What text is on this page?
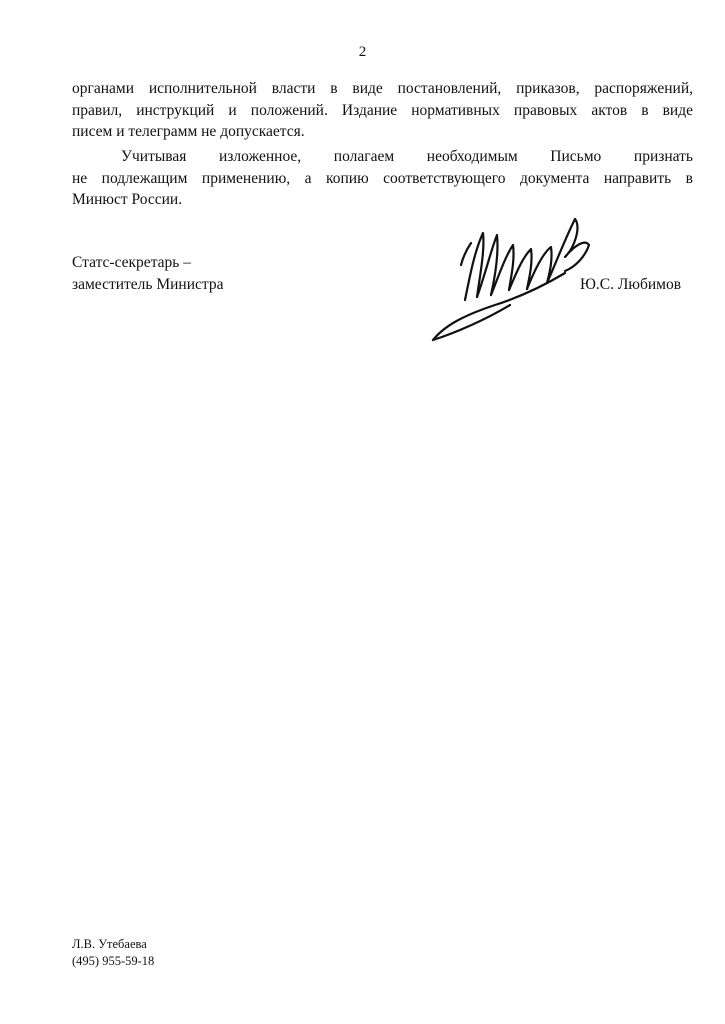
2
органами исполнительной власти в виде постановлений, приказов, распоряжений,
правил, инструкций и положений. Издание нормативных правовых актов в виде
писем и телеграмм не допускается.
Учитывая изложенное, полагаем необходимым Письмо признать
не подлежащим применению, а копию соответствующего документа направить в
Минюст России.
Статс-секретарь –
заместитель Министра	Ю.С. Любимов
Л.В. Утебаева
(495) 955-59-18
